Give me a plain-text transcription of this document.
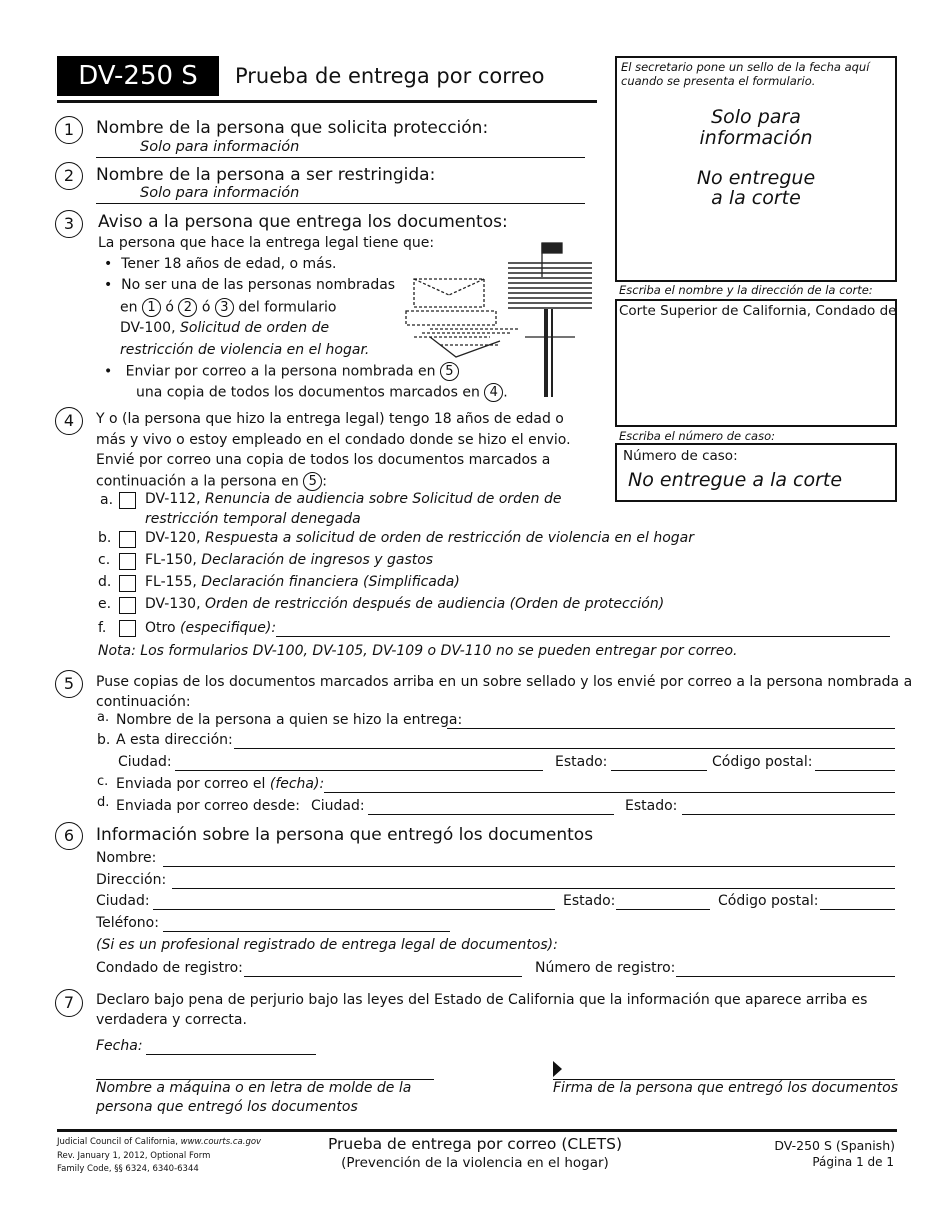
DV-250 S	Prueba de entrega por correo	El secretario pone un sello de la fecha aquí cuando se presenta el formulario.
Solo para
información
No entregue
a la corte
Escriba el nombre y la dirección de la corte:
Corte Superior de California, Condado de
Escriba el número de caso:
Número de caso:
No entregue a la corte
1	Nombre de la persona que solicita protección:
Solo para información
2	Nombre de la persona a ser restringida:
Solo para información
3	Aviso a la persona que entrega los documentos:
La persona que hace la entrega legal tiene que:
•  Tener 18 años de edad, o más.
•  No ser una de las personas nombradas
en 1 ó 2 ó 3 del formulario
DV-100, Solicitud de orden de
restricción de violencia en el hogar.
•   Enviar por correo a la persona nombrada en 5
una copia de todos los documentos marcados en 4 .
4	Y o (la persona que hizo la entrega legal) tengo 18 años de edad o
más y vivo o estoy empleado en el condado donde se hizo el envio.
Envié por correo una copia de todos los documentos marcados a
continuación a la persona en 5 :
a. DV-112, Renuncia de audiencia sobre Solicitud de orden de
restricción temporal denegada
b. DV-120, Respuesta a solicitud de orden de restricción de violencia en el hogar
c. FL-150, Declaración de ingresos y gastos
d. FL-155, Declaración financiera (Simplificada)
e. DV-130, Orden de restricción después de audiencia (Orden de protección)
f.	Otro (especifique):
Nota: Los formularios DV-100, DV-105, DV-109 o DV-110 no se pueden entregar por correo.
5	Puse copias de los documentos marcados arriba en un sobre sellado y los envié por correo a la persona nombrada a
continuación:
a. Nombre de la persona a quien se hizo la entrega:
b. A esta dirección:
Ciudad:	Estado:	Código postal:
c. Enviada por correo el (fecha):
d. Enviada por correo desde: Ciudad:	Estado:
6	Información sobre la persona que entregó los documentos
Nombre:
Dirección:
Ciudad:	Estado:	Código postal:
Teléfono:
(Si es un profesional registrado de entrega legal de documentos):
Condado de registro:	Número de registro:
7	Declaro bajo pena de perjurio bajo las leyes del Estado de California que la información que aparece arriba es
verdadera y correcta.
Fecha:
Nombre a máquina o en letra de molde de la
persona que entregó los documentos
Firma de la persona que entregó los documentos
Judicial Council of California, www.courts.ca.gov
Rev. January 1, 2012, Optional Form
Family Code, §§ 6324, 6340-6344
Prueba de entrega por correo (CLETS)
(Prevención de la violencia en el hogar)
DV-250 S (Spanish)
Página 1 de 1
